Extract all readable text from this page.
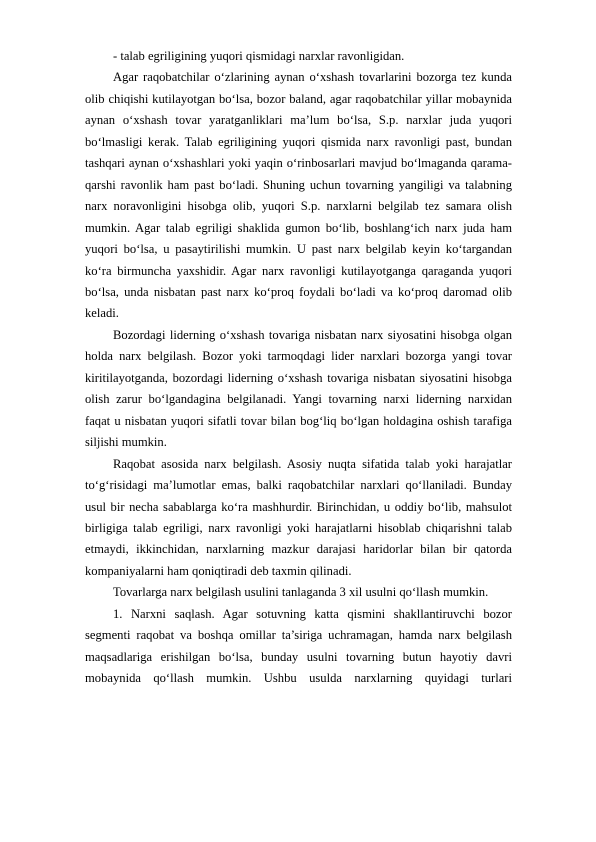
- talab egriligining yuqori qismidagi narxlar ravonligidan.

Agar raqobatchilar o‘zlarining aynan o‘xshash tovarlarini bozorga tez kunda olib chiqishi kutilayotgan bo‘lsa, bozor baland, agar raqobatchilar yillar mobaynida aynan o‘xshash tovar yaratganliklari ma’lum bo‘lsa, S.p. narxlar juda yuqori bo‘lmasligi kerak. Talab egriligining yuqori qismida narx ravonligi past, bundan tashqari aynan o‘xshashlari yoki yaqin o‘rinbosarlari mavjud bo‘lmaganda qarama-qarshi ravonlik ham past bo‘ladi. Shuning uchun tovarning yangiligi va talabning narx noravonligini hisobga olib, yuqori S.p. narxlarni belgilab tez samara olish mumkin. Agar talab egriligi shaklida gumon bo‘lib, boshlang‘ich narx juda ham yuqori bo‘lsa, u pasaytirilishi mumkin. U past narx belgilab keyin ko‘targandan ko‘ra birmuncha yaxshidir. Agar narx ravonligi kutilayotganga qaraganda yuqori bo‘lsa, unda nisbatan past narx ko‘proq foydali bo‘ladi va ko‘proq daromad olib keladi.

Bozordagi liderning o‘xshash tovariga nisbatan narx siyosatini hisobga olgan holda narx belgilash. Bozor yoki tarmoqdagi lider narxlari bozorga yangi tovar kiritilayotganda, bozordagi liderning o‘xshash tovariga nisbatan siyosatini hisobga olish zarur bo‘lgandagina belgilanadi. Yangi tovarning narxi liderning narxidan faqat u nisbatan yuqori sifatli tovar bilan bog‘liq bo‘lgan holdagina oshish tarafiga siljishi mumkin.

Raqobat asosida narx belgilash. Asosiy nuqta sifatida talab yoki harajatlar to‘g‘risidagi ma’lumotlar emas, balki raqobatchilar narxlari qo‘llaniladi. Bunday usul bir necha sabablarga ko‘ra mashhurdir. Birinchidan, u oddiy bo‘lib, mahsulot birligiga talab egriligi, narx ravonligi yoki harajatlarni hisoblab chiqarishni talab etmaydi, ikkinchidan, narxlarning mazkur darajasi haridorlar bilan bir qatorda kompaniyalarni ham qoniqtiradi deb taxmin qilinadi.

Tovarlarga narx belgilash usulini tanlaganda 3 xil usulni qo‘llash mumkin.

1. Narxni saqlash. Agar sotuvning katta qismini shakllantiruvchi bozor segmenti raqobat va boshqa omillar ta’siriga uchramagan, hamda narx belgilash maqsadlariga erishilgan bo‘lsa, bunday usulni tovarning butun hayotiy davri mobaynida qo‘llash mumkin. Ushbu usulda narxlarning quyidagi turlari
